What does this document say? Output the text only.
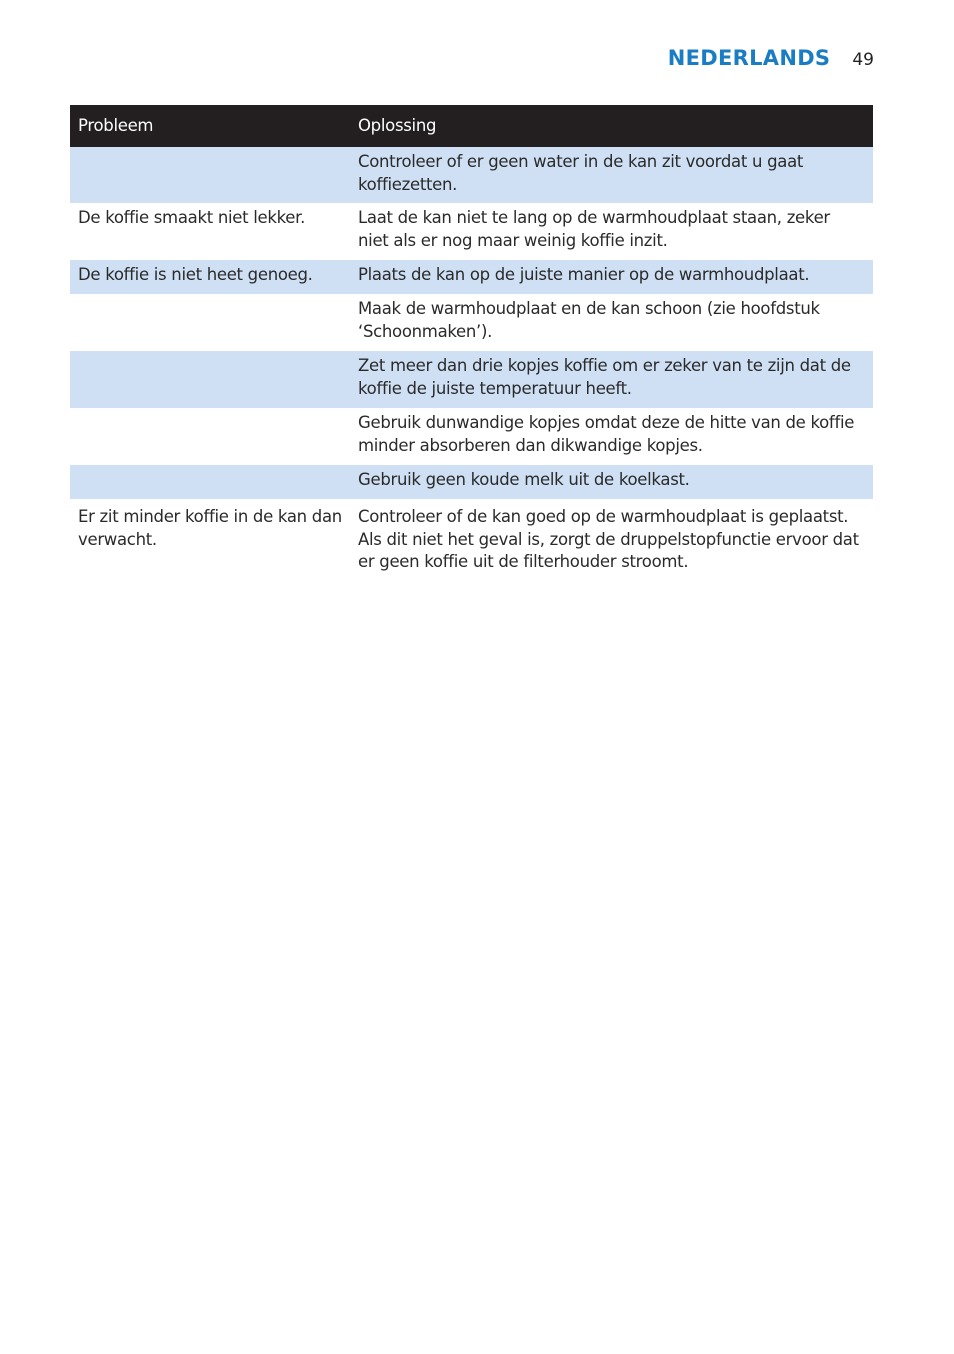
NEDERLANDS 49
Probleem	Oplossing
	Controleer of er geen water in de kan zit voordat u gaat koffiezetten.
De koffie smaakt niet lekker.	Laat de kan niet te lang op de warmhoudplaat staan, zeker niet als er nog maar weinig koffie inzit.
De koffie is niet heet genoeg.	Plaats de kan op de juiste manier op de warmhoudplaat.
	Maak de warmhoudplaat en de kan schoon (zie hoofdstuk ‘Schoonmaken’).
	Zet meer dan drie kopjes koffie om er zeker van te zijn dat de koffie de juiste temperatuur heeft.
	Gebruik dunwandige kopjes omdat deze de hitte van de koffie minder absorberen dan dikwandige kopjes.
	Gebruik geen koude melk uit de koelkast.
Er zit minder koffie in de kan dan verwacht.	Controleer of de kan goed op de warmhoudplaat is geplaatst. Als dit niet het geval is, zorgt de druppelstopfunctie ervoor dat er geen koffie uit de filterhouder stroomt.
